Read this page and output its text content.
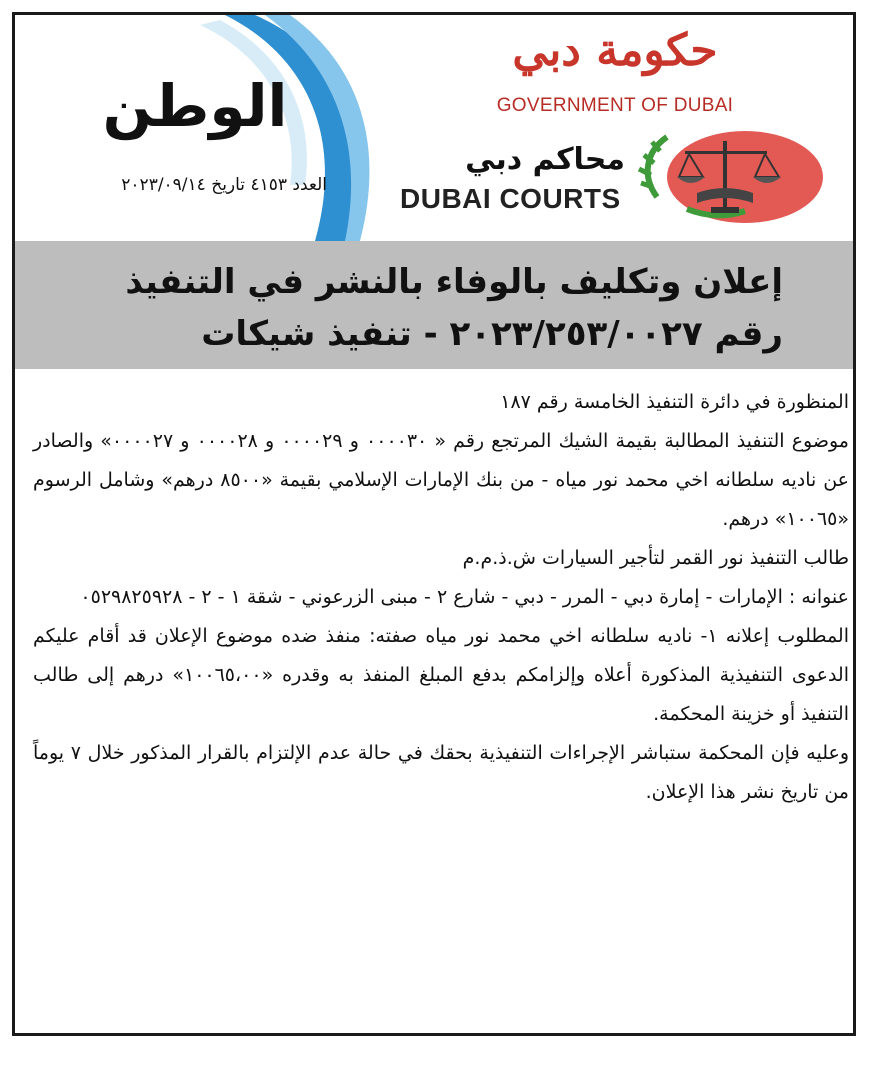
الوطن
العدد ٤١٥٣ تاريخ ٢٠٢٣/٠٩/١٤
حكومة دبي
GOVERNMENT OF DUBAI
محاكم دبي
DUBAI COURTS
إعلان وتكليف بالوفاء بالنشر في التنفيذ
رقم ٢٠٢٣/٢٥٣/٠٠٢٧ - تنفيذ شيكات

المنظورة في دائرة التنفيذ الخامسة رقم ١٨٧

موضوع التنفيذ المطالبة بقيمة الشيك المرتجع رقم « ٠٠٠٠٣٠ و ٠٠٠٠٢٩ و ٠٠٠٠٢٨ و ٠٠٠٠٢٧» والصادر عن ناديه سلطانه اخي محمد نور مياه - من بنك الإمارات الإسلامي بقيمة «٨٥٠٠ درهم» وشامل الرسوم «١٠٠٦٥» درهم.

طالب التنفيذ نور القمر لتأجير السيارات ش.ذ.م.م

عنوانه : الإمارات - إمارة دبي - المرر - دبي - شارع ٢ - مبنى الزرعوني - شقة ١ - ٢ - ٠٥٢٩٨٢٥٩٢٨

المطلوب إعلانه ١- ناديه سلطانه اخي محمد نور مياه صفته: منفذ ضده موضوع الإعلان قد أقام عليكم الدعوى التنفيذية المذكورة أعلاه وإلزامكم بدفع المبلغ المنفذ به وقدره «١٠٠٦٥،٠٠» درهم إلى طالب التنفيذ أو خزينة المحكمة.

وعليه فإن المحكمة ستباشر الإجراءات التنفيذية بحقك في حالة عدم الإلتزام بالقرار المذكور خلال ٧ يوماً من تاريخ نشر هذا الإعلان.
